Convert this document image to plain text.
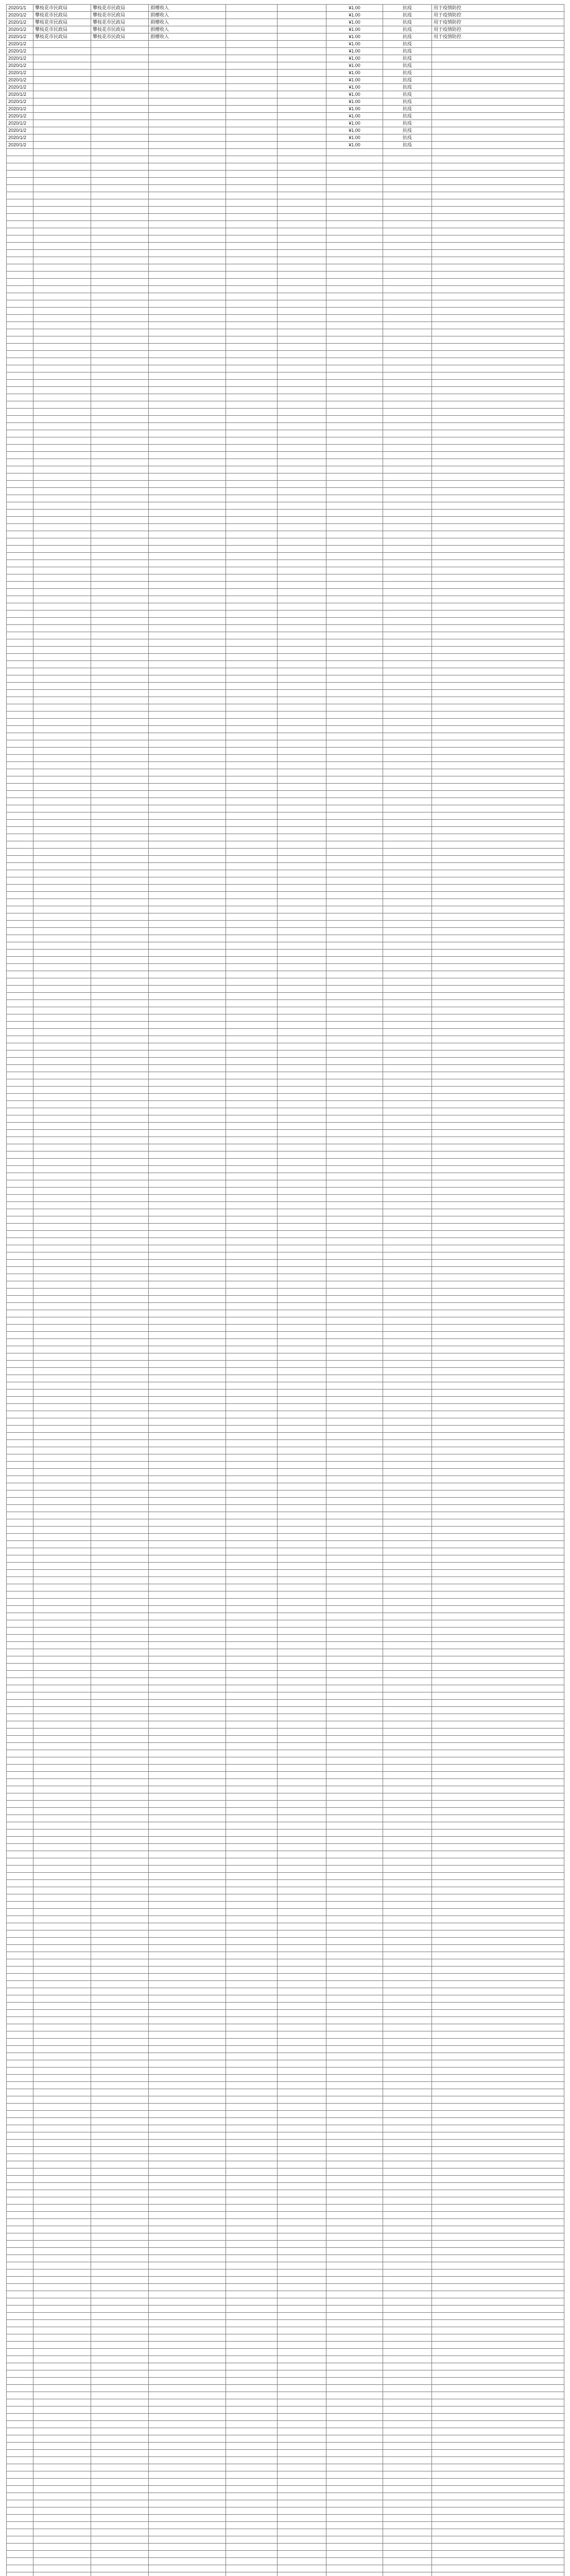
2020/1/1	攀枝花市民政局	攀枝花市民政局	捐赠收入			¥1.00	抗疫	用于疫情防控
2020/1/2	攀枝花市民政局	攀枝花市民政局	捐赠收入			¥1.00	抗疫	用于疫情防控
2020/1/2	攀枝花市民政局	攀枝花市民政局	捐赠收入			¥1.00	抗疫	用于疫情防控
2020/1/2	攀枝花市民政局	攀枝花市民政局	捐赠收入			¥1.00	抗疫	用于疫情防控
2020/1/2	攀枝花市民政局	攀枝花市民政局	捐赠收入			¥1.00	抗疫	用于疫情防控
2020/1/2						¥1.00	抗疫	
2020/1/2						¥1.00	抗疫	
2020/1/2						¥1.00	抗疫	
2020/1/2						¥1.00	抗疫	
2020/1/2						¥1.00	抗疫	
2020/1/2						¥1.00	抗疫	
2020/1/2						¥1.00	抗疫	
2020/1/2						¥1.00	抗疫	
2020/1/2						¥1.00	抗疫	
2020/1/2						¥1.00	抗疫	
2020/1/2						¥1.00	抗疫	
2020/1/2						¥1.00	抗疫	
2020/1/2						¥1.00	抗疫	
2020/1/2						¥1.00	抗疫	
2020/1/2						¥1.00	抗疫	
